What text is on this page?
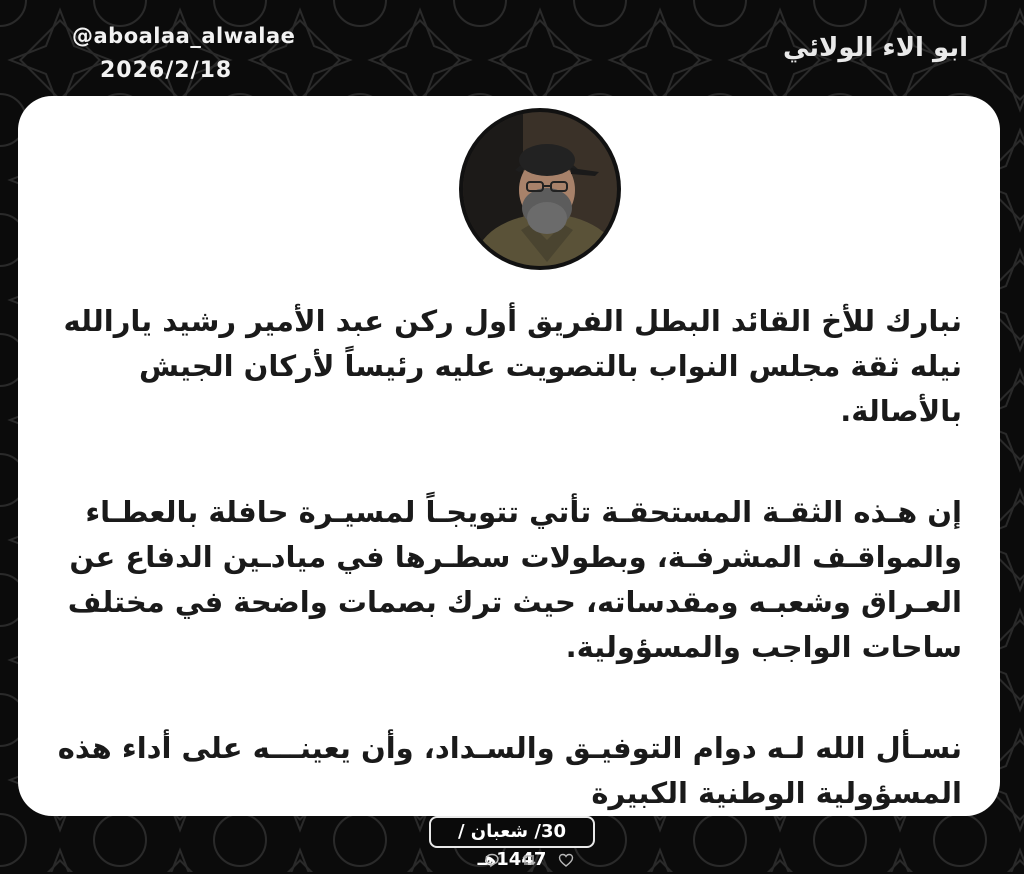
@aboalaa_alwalae
2026/2/18
ابو الاء الولائي

نبارك للأخ القائد البطل الفريق أول ركن عبد الأمير رشيد يارالله نيله ثقة مجلس النواب بالتصويت عليه رئيساً لأركان الجيش بالأصالة.

إن هـذه الثقـة المستحقـة تأتي تتويجـاً لمسيـرة حافلة بالعطـاء والمواقـف المشرفـة، وبطولات سطـرها في ميادـين الدفاع عن العـراق وشعبـه ومقدساته، حيث ترك بصمات واضحة في مختلف ساحات الواجب والمسؤولية.

نسـأل الله لـه دوام التوفيـق والسـداد، وأن يعينـــه على أداء هذه المسؤولية الوطنية الكبيرة

30/ شعبان / 1447هـ
